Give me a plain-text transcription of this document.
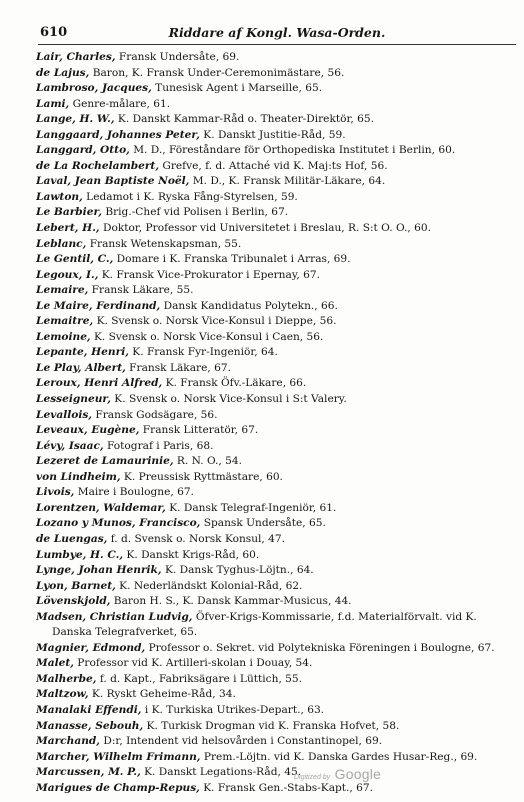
610	Riddare af Kongl. Wasa-Orden.
Lair, Charles, Fransk Undersåte, 69.
de Lajus, Baron, K. Fransk Under-Ceremonimästare, 56.
Lambroso, Jacques, Tunesisk Agent i Marseille, 65.
Lami, Genre-målare, 61.
Lange, H. W., K. Danskt Kammar-Råd o. Theater-Direktör, 65.
Langgaard, Johannes Peter, K. Danskt Justitie-Råd, 59.
Langgard, Otto, M. D., Föreståndare för Orthopediska Institutet i Berlin, 60.
de La Rochelambert, Grefve, f. d. Attaché vid K. Maj:ts Hof, 56.
Laval, Jean Baptiste Noël, M. D., K. Fransk Militär-Läkare, 64.
Lawton, Ledamot i K. Ryska Fång-Styrelsen, 59.
Le Barbier, Brig.-Chef vid Polisen i Berlin, 67.
Lebert, H., Doktor, Professor vid Universitetet i Breslau, R. S:t O. O., 60.
Leblanc, Fransk Wetenskapsman, 55.
Le Gentil, C., Domare i K. Franska Tribunalet i Arras, 69.
Legoux, I., K. Fransk Vice-Prokurator i Epernay, 67.
Lemaire, Fransk Läkare, 55.
Le Maire, Ferdinand, Dansk Kandidatus Polytekn., 66.
Lemaitre, K. Svensk o. Norsk Vice-Konsul i Dieppe, 56.
Lemoine, K. Svensk o. Norsk Vice-Konsul i Caen, 56.
Lepante, Henri, K. Fransk Fyr-Ingeniör, 64.
Le Play, Albert, Fransk Läkare, 67.
Leroux, Henri Alfred, K. Fransk Öfv.-Läkare, 66.
Lesseigneur, K. Svensk o. Norsk Vice-Konsul i S:t Valery.
Levallois, Fransk Godsägare, 56.
Leveaux, Eugène, Fransk Litteratör, 67.
Lévy, Isaac, Fotograf i Paris, 68.
Lezeret de Lamaurinie, R. N. O., 54.
von Lindheim, K. Preussisk Ryttmästare, 60.
Livois, Maire i Boulogne, 67.
Lorentzen, Waldemar, K. Dansk Telegraf-Ingeniör, 61.
Lozano y Munos, Francisco, Spansk Undersåte, 65.
de Luengas, f. d. Svensk o. Norsk Konsul, 47.
Lumbye, H. C., K. Danskt Krigs-Råd, 60.
Lynge, Johan Henrik, K. Dansk Tyghus-Löjtn., 64.
Lyon, Barnet, K. Nederländskt Kolonial-Råd, 62.
Lövenskjold, Baron H. S., K. Dansk Kammar-Musicus, 44.
Madsen, Christian Ludvig, Öfver-Krigs-Kommissarie, f.d. Materialförvalt. vid K. Danska Telegrafverket, 65.
Magnier, Edmond, Professor o. Sekret. vid Polytekniska Föreningen i Boulogne, 67.
Malet, Professor vid K. Artilleri-skolan i Douay, 54.
Malherbe, f. d. Kapt., Fabriksägare i Lüttich, 55.
Maltzow, K. Ryskt Geheime-Råd, 34.
Manalaki Effendi, i K. Turkiska Utrikes-Depart., 63.
Manasse, Sebouh, K. Turkisk Drogman vid K. Franska Hofvet, 58.
Marchand, D:r, Intendent vid helsovården i Constantinopel, 69.
Marcher, Wilhelm Frimann, Prem.-Löjtn. vid K. Danska Gardes Husar-Reg., 69.
Marcussen, M. P., K. Danskt Legations-Råd, 45.
Marigues de Champ-Repus, K. Fransk Gen.-Stabs-Kapt., 67.
Digitized by Google
